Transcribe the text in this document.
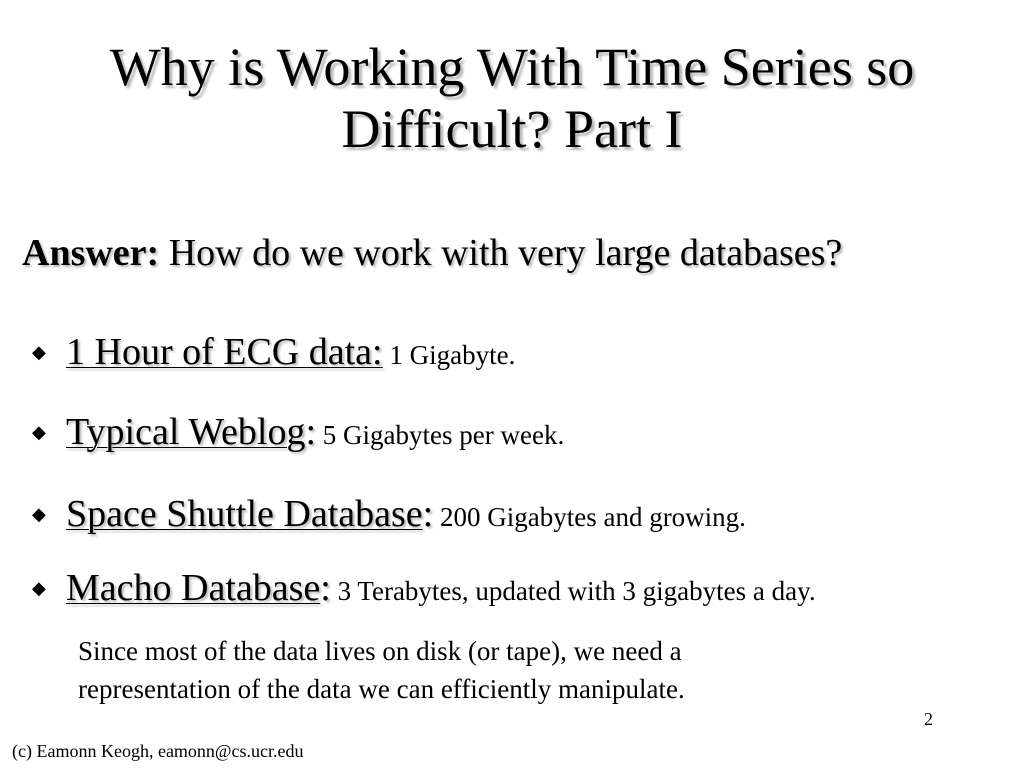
Why is Working With Time Series so
Difficult? Part I
Answer: How do we work with very large databases?
◆ 1 Hour of ECG data: 1 Gigabyte.
◆ Typical Weblog: 5 Gigabytes per week.
◆ Space Shuttle Database: 200 Gigabytes and growing.
◆ Macho Database: 3 Terabytes, updated with 3 gigabytes a day.
Since most of the data lives on disk (or tape), we need a
representation of the data we can efficiently manipulate.
2
(c) Eamonn Keogh, eamonn@cs.ucr.edu
